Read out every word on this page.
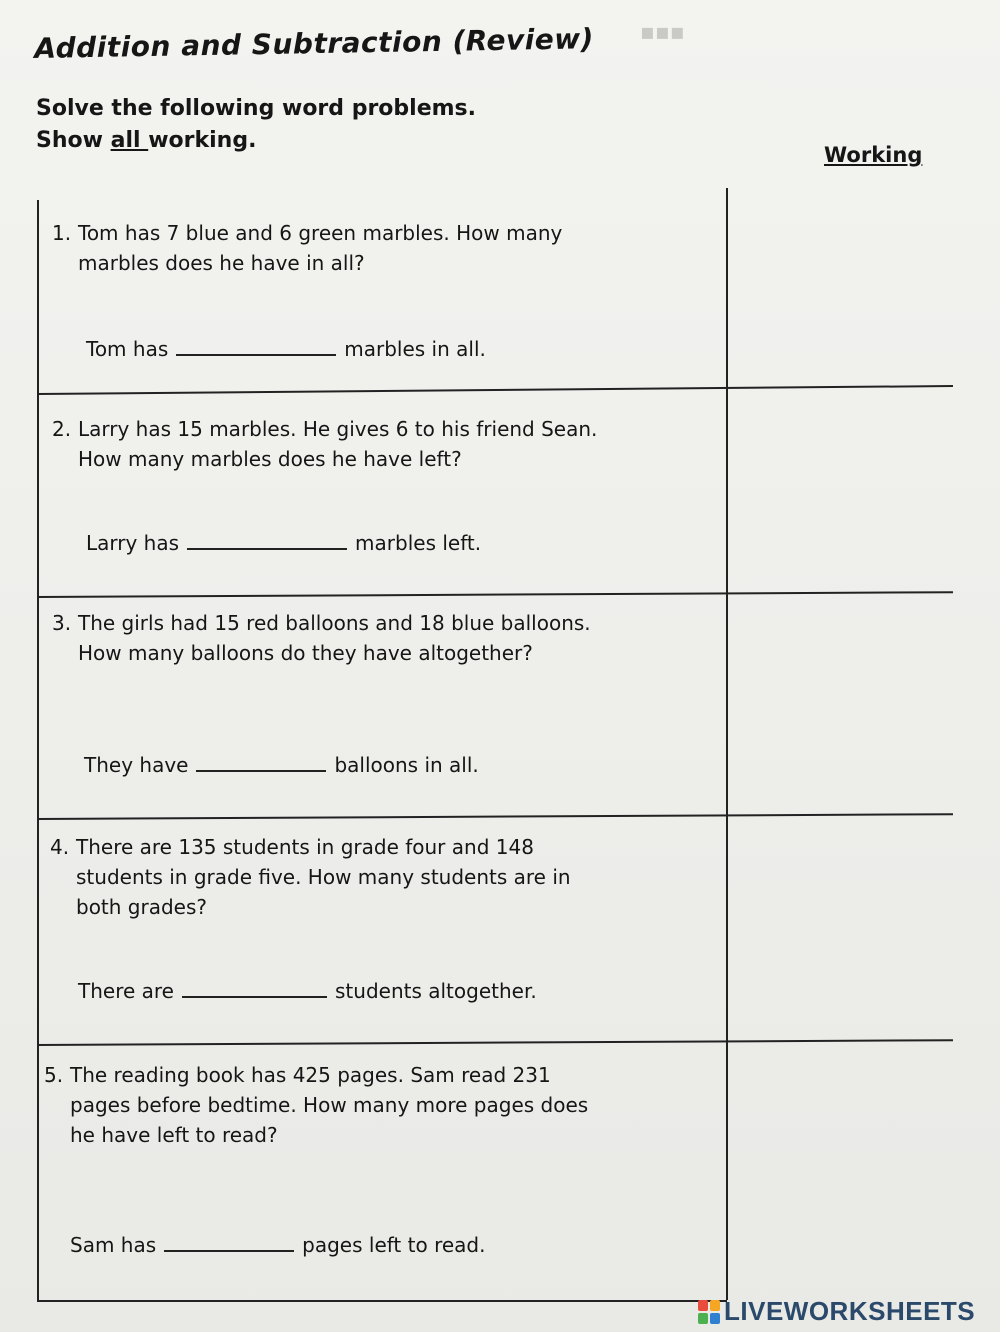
▪▪▪
Addition and Subtraction (Review)
Solve the following word problems.
Show all working.
Working
1. Tom has 7 blue and 6 green marbles. How many
marbles does he have in all?
Tom has	marbles in all.
2. Larry has 15 marbles. He gives 6 to his friend Sean.
How many marbles does he have left?
Larry has	marbles left.
3. The girls had 15 red balloons and 18 blue balloons.
How many balloons do they have altogether?
They have	balloons in all.
4. There are 135 students in grade four and 148
students in grade five. How many students are in
both grades?
There are	students altogether.
5. The reading book has 425 pages. Sam read 231
pages before bedtime. How many more pages does
he have left to read?
Sam has	pages left to read.
LIVEWORKSHEETS
